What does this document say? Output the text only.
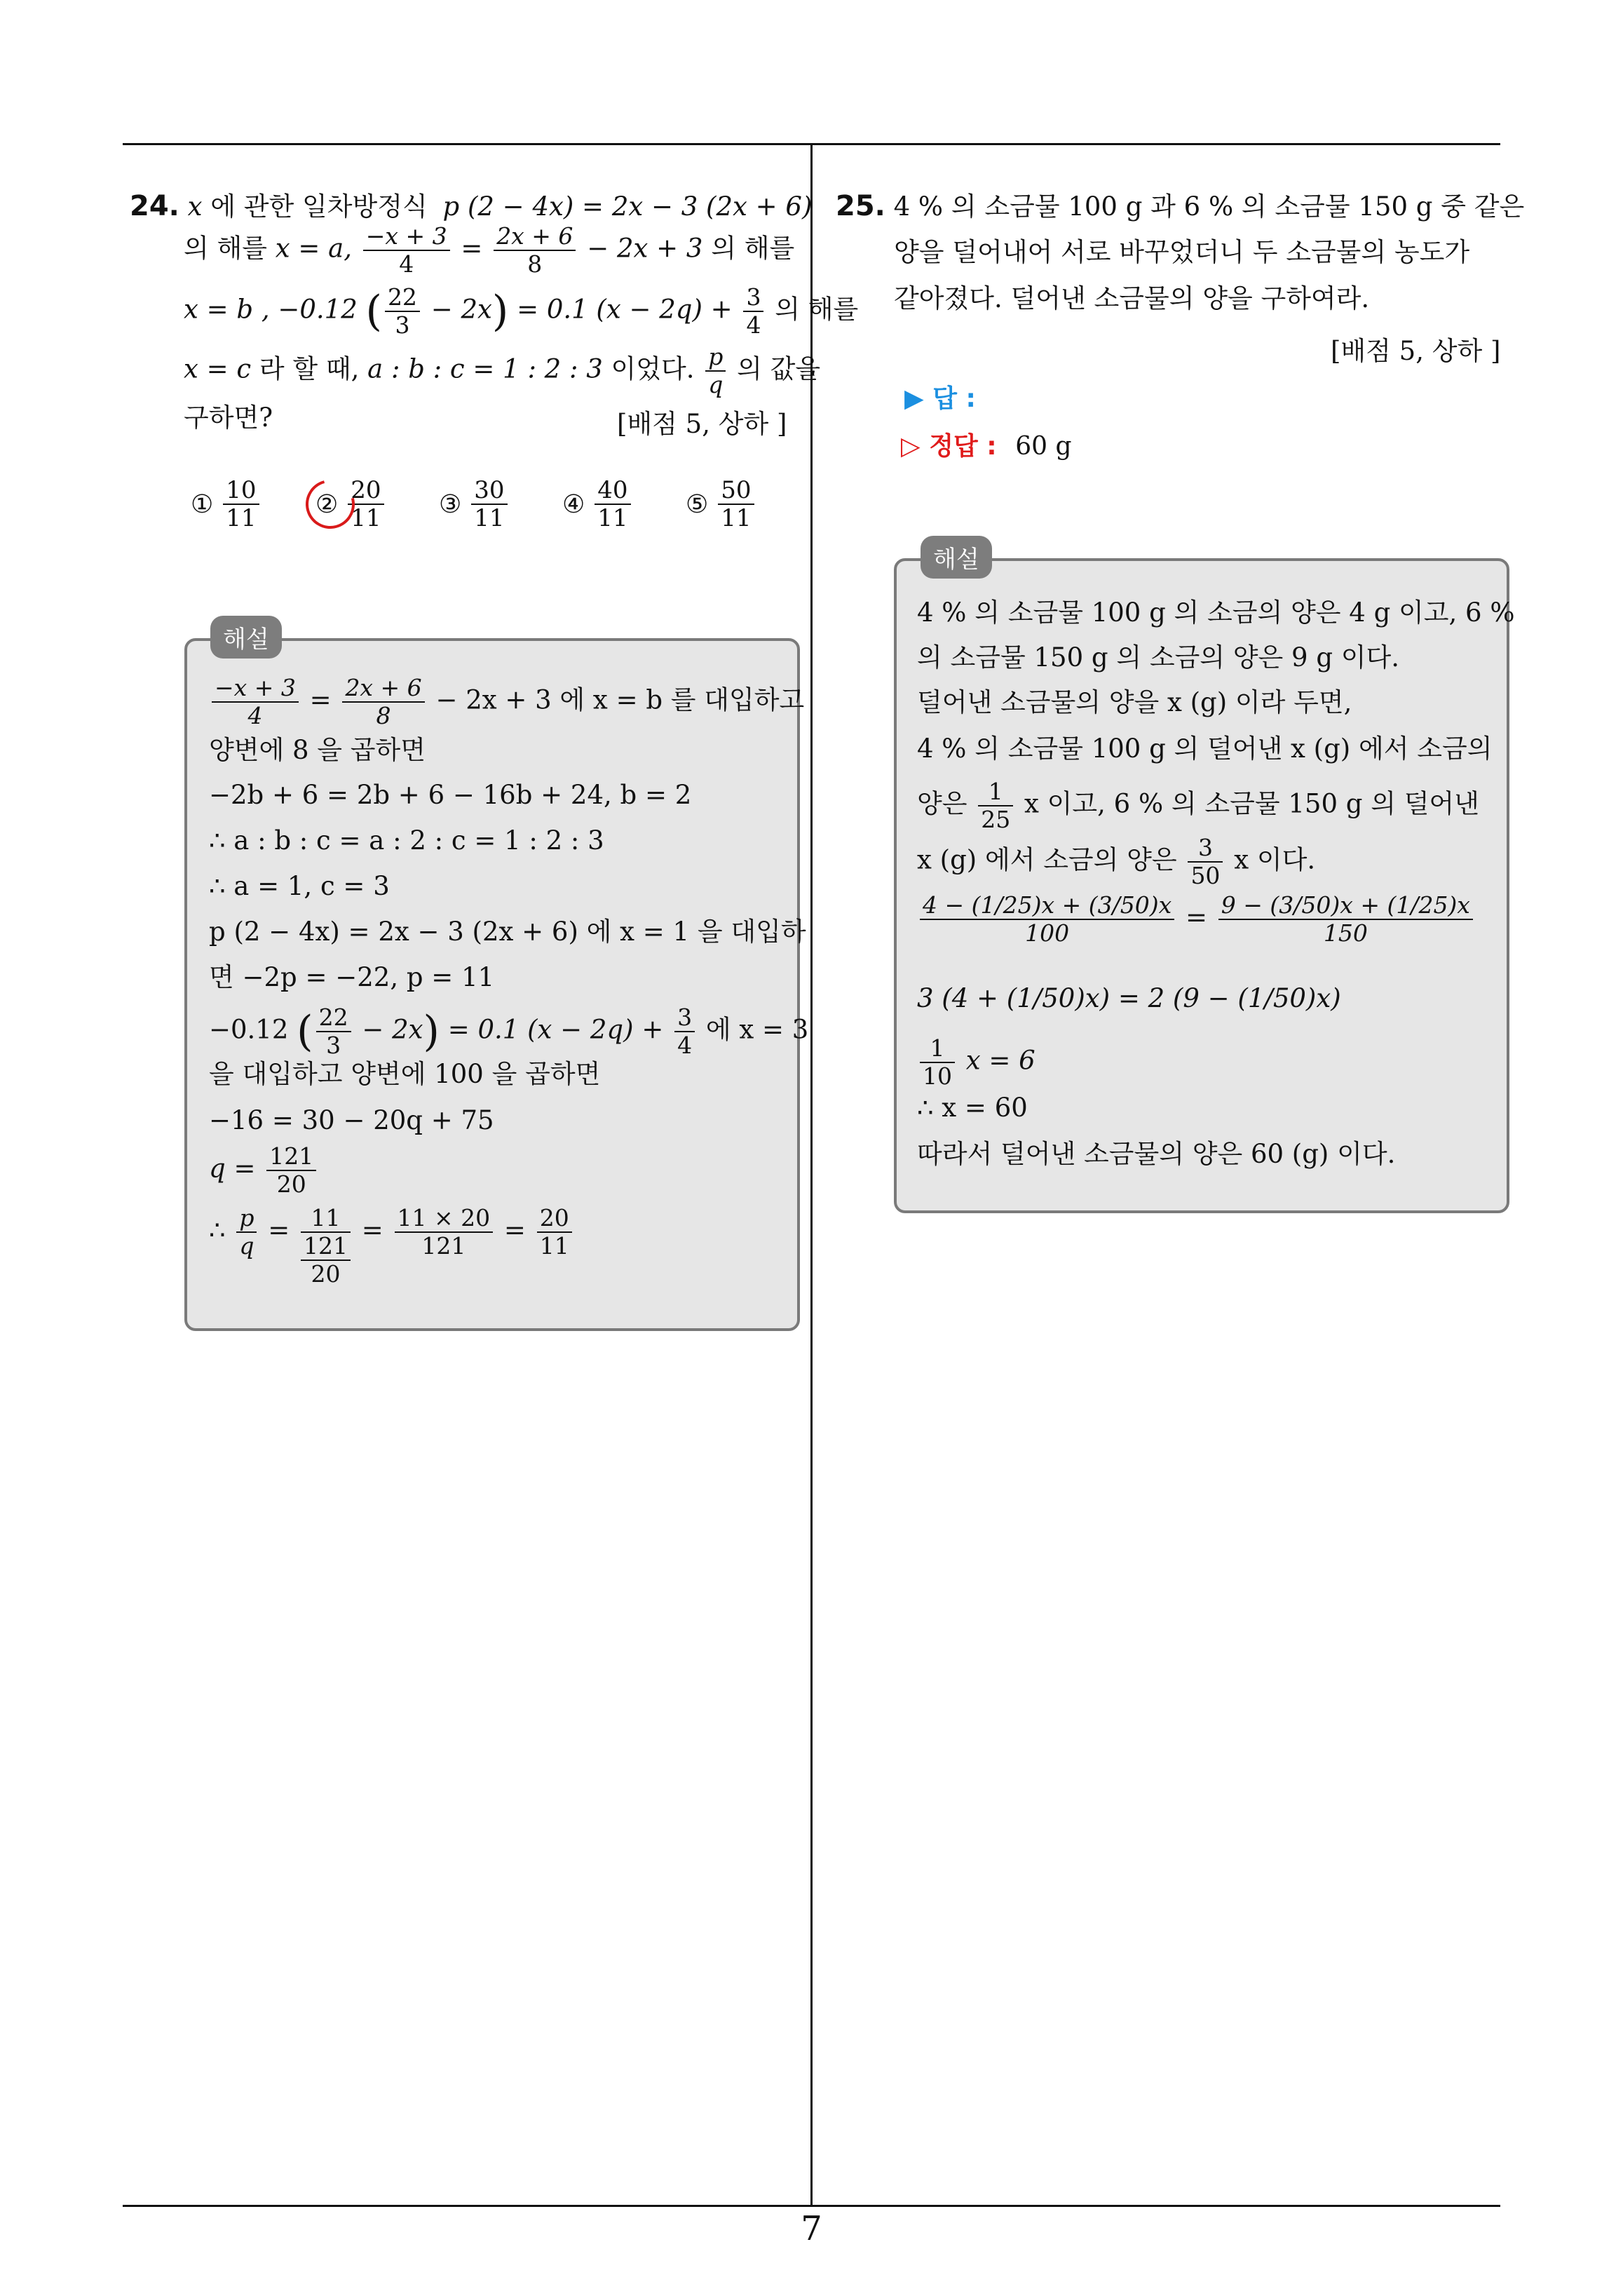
24. x 에 관한 일차방정식 p (2 − 4x) = 2x − 3 (2x + 6)
의 해를 x = a, $\frac{-x + 3}{4} = \frac{2x + 6}{8} - 2x + 3$ 의 해를
x = b , −0.12 ( $\frac{22}{3} - 2x) = 0.1$ $(x - 2q) + \frac{3}{4}$ 의 해를
x = c 라 할 때, a : b : c = 1 : 2 : 3 이었다. $\frac{p}{q}$ 의 값을
구하면?	[배점 5, 상하 ]
① $\frac{10}{11}$ ② $\frac{20}{11}$ ③ $\frac{30}{11}$ ④ $\frac{40}{11}$ ⑤ $\frac{50}{11}$
해설
$\frac{-x + 3}{4} = \frac{2x + 6}{8} - 2x + 3$ 에 x = b 를 대입하고
양변에 8 을 곱하면
−2b + 6 = 2b + 6 − 16b + 24, b = 2
∴ a : b : c = a : 2 : c = 1 : 2 : 3
∴ a = 1, c = 3
p (2 − 4x) = 2x − 3 (2x + 6) 에 x = 1 을 대입하
면 −2p = −22, p = 11
−0.12 ( $\frac{22}{3} - 2x) = 0.1$ $(x - 2q) + \frac{3}{4}$ 에 x = 3
을 대입하고 양변에 100 을 곱하면
−16 = 30 − 20q + 75
$q = \frac{121}{20}$
∴ $\frac{p}{q} = 11$
121
20
= $\frac{11 \times 20}{121} = \frac{20}{11}$
25. 4 % 의 소금물 100 g 과 6 % 의 소금물 150 g 중 같은
양을 덜어내어 서로 바꾸었더니 두 소금물의 농도가
같아졌다. 덜어낸 소금물의 양을 구하여라.
[배점 5, 상하 ]
▶ 답 :
▷ 정답 : 60 g
해설
4 % 의 소금물 100 g 의 소금의 양은 4 g 이고, 6 %
의 소금물 150 g 의 소금의 양은 9 g 이다.
덜어낸 소금물의 양을 x (g) 이라 두면,
4 % 의 소금물 100 g 의 덜어낸 x (g) 에서 소금의
양은 $\frac{1}{25}$ x 이고, 6 % 의 소금물 150 g 의 덜어낸
x (g) 에서 소금의 양은 $\frac{3}{50}$ x 이다.
$\frac{4 - (1/25)x + (3/50)x}{100} = \frac{9 - (3/50)x + (1/25)x}{150}$
3 (4 + (1/50)x) = 2 (9 − (1/50)x)
$\frac{1}{10}$ x = 6
∴ x = 60
따라서 덜어낸 소금물의 양은 60 (g) 이다.
7
